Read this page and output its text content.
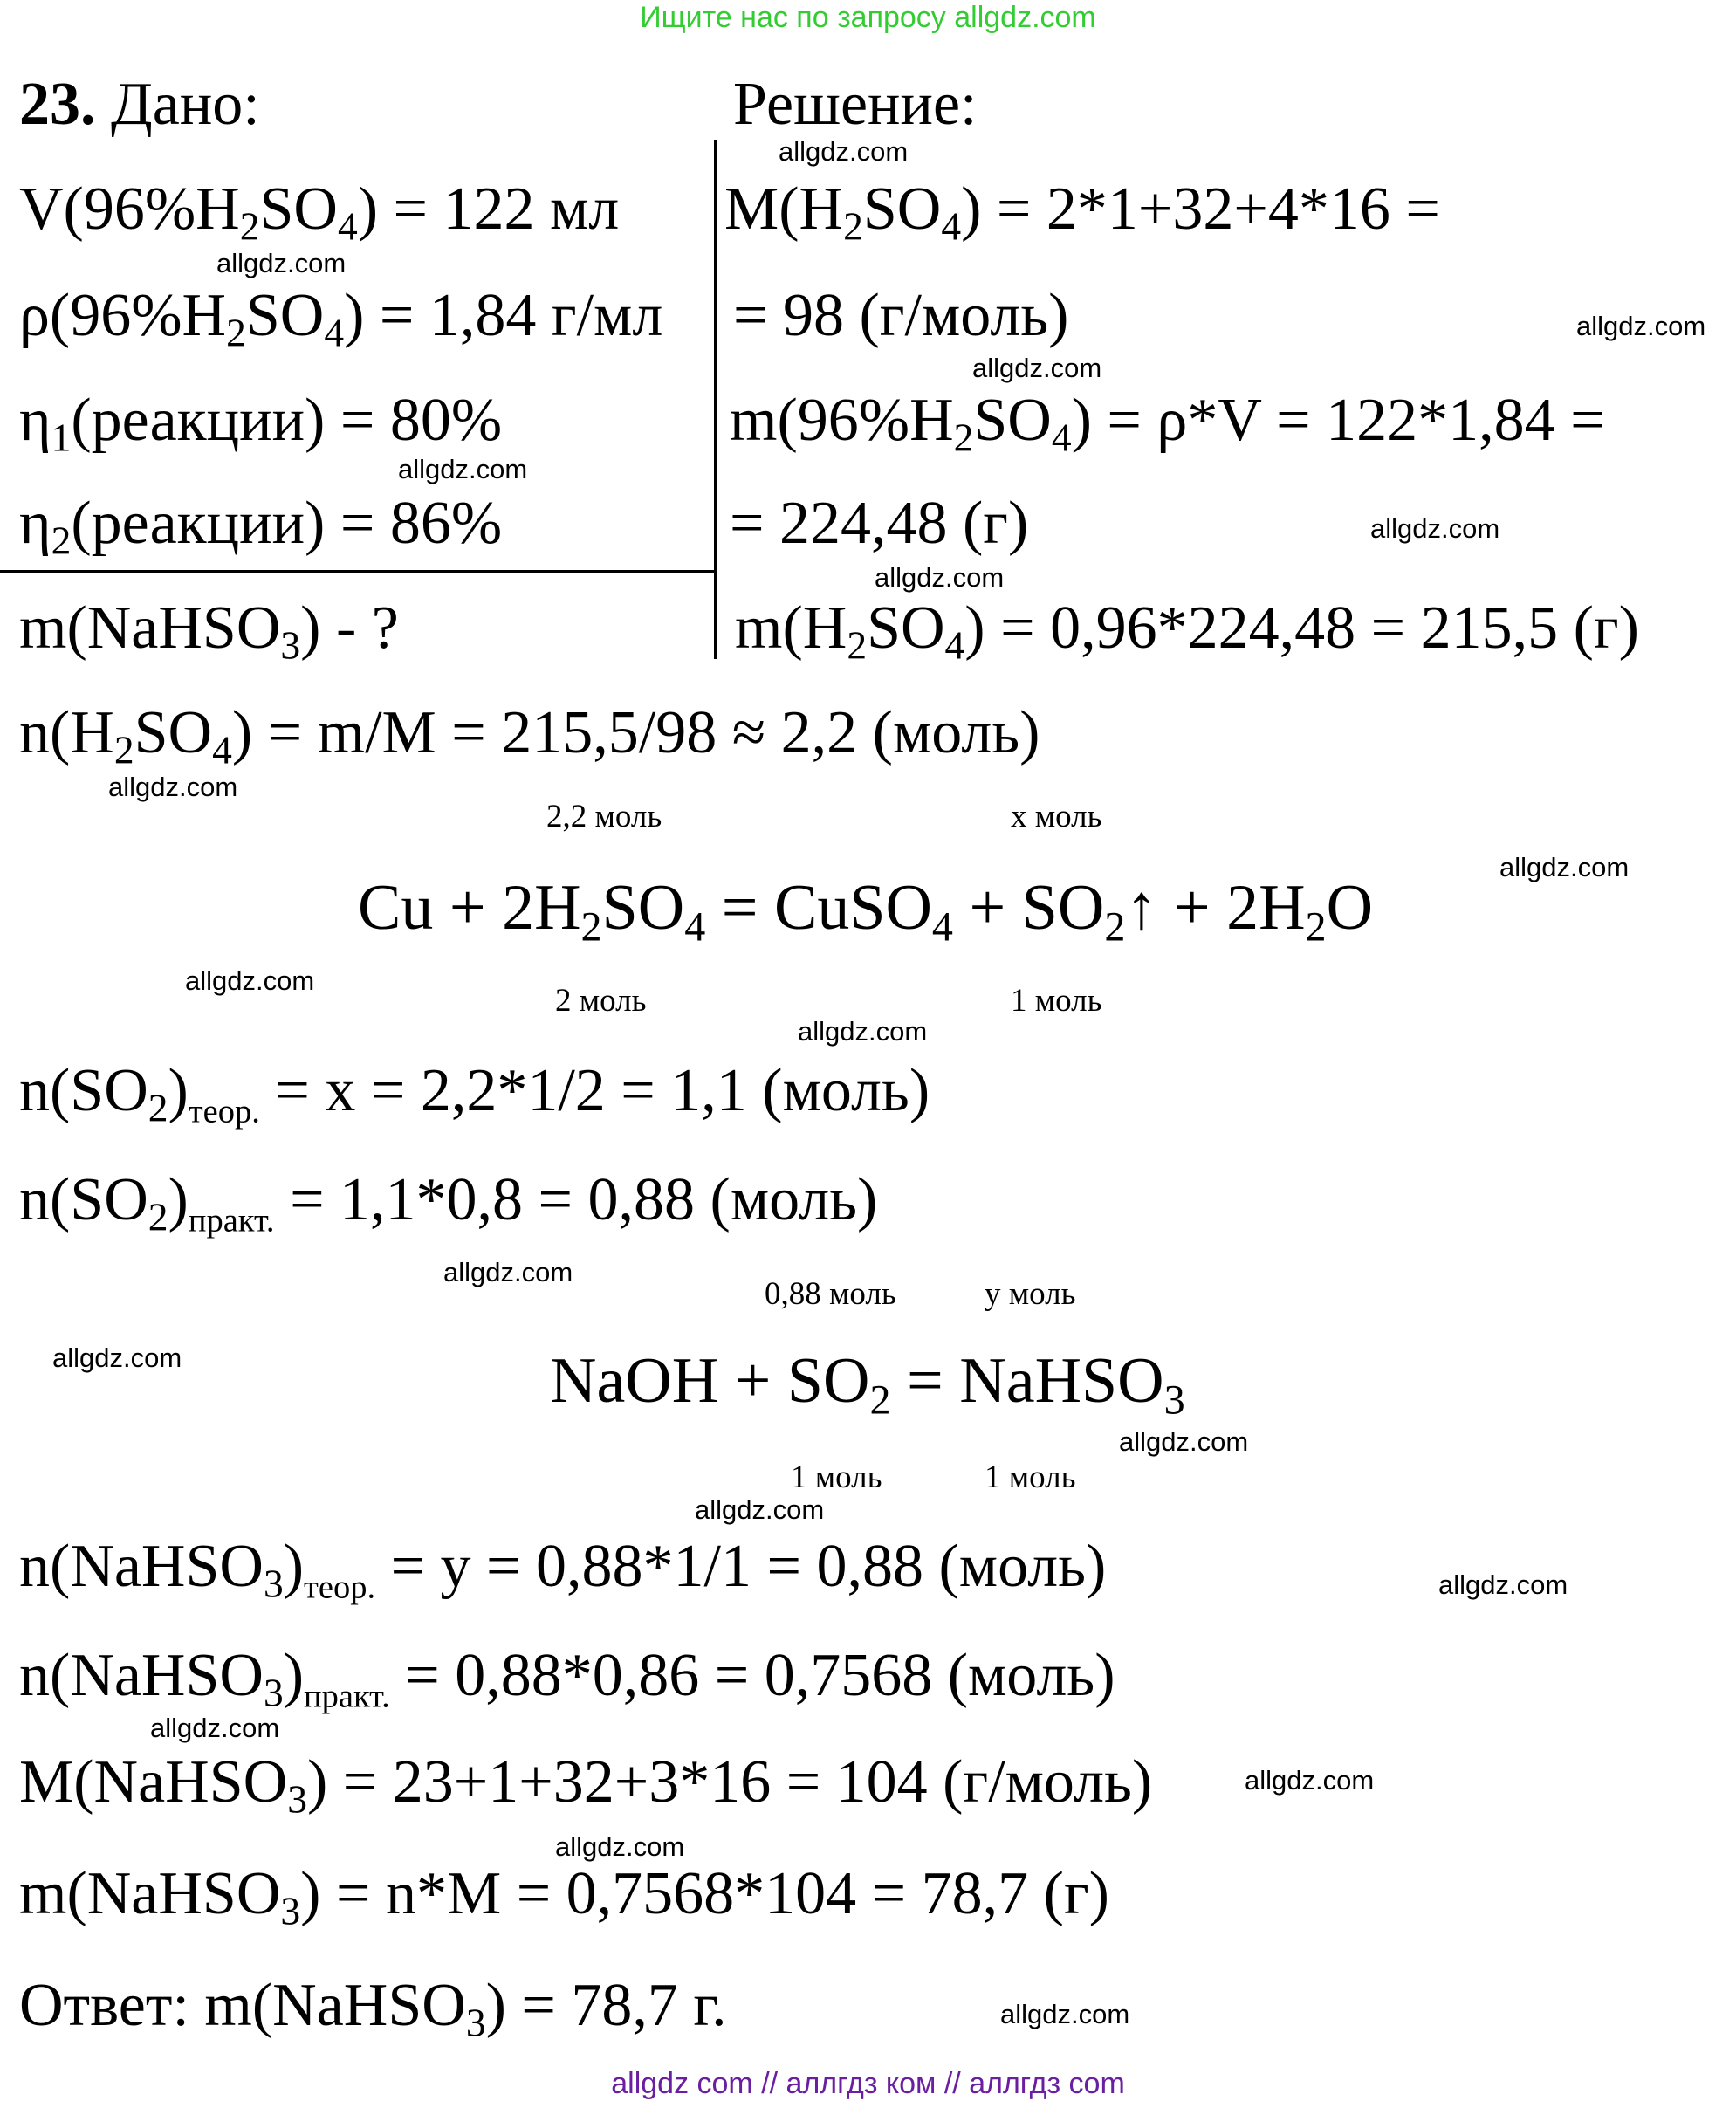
Ищите нас по запросу allgdz.com
allgdz com // аллгдз ком // аллгдз com
23. Дано:	Решение:
$V(96\%H_2SO_4) = 122$ мл
$\rho(96\%H_2SO_4) = 1,84$ г/мл
$\eta_1(реакции) = 80\%$
$\eta_2(реакции) = 86\%$
m(NaHSO$_3$) - ?
$M(H_2SO_4) = 2*1+32+4*16$ =
= 98 (г/моль)
$m(96\%H_2SO_4) = \rho*V = 122*1,84$ =
= 224,48 (г)
$m(H_2SO_4) = 0,96*224,48 = 215,5$ (г)
$n(H_2SO_4) = m/M = 215,5/98 \approx 2,2$ (моль)
2,2 моль	x моль
$Cu + 2H_2SO_4$ = CuSO$_4$ + $SO_2↑ + 2H_2O$
2 моль	1 моль
$n(SO_2)_{теор.} = x = 2,2*1/2 = 1,1$ (моль)
$n(SO_2)_{практ.} = 1,1*0,8 = 0,88$ (моль)
0,88 моль	y моль
NaOH + $SO_2$ = NaHSO$_3$
1 моль	1 моль
$n(NaHSO_3)_{теор.} = y = 0,88*1/1 = 0,88$ (моль)
$n(NaHSO_3)_{практ.} = 0,88*0,86 = 0,7568$ (моль)
M(NaHSO$_3$) = 23+1+32+3*16 = 104 (г/моль)
m(NaHSO$_3$) = n*M = 0,7568*104 = 78,7 (г)
Ответ: m(NaHSO$_3$) = 78,7 г.
allgdz.com
allgdz.com
allgdz.com
allgdz.com
allgdz.com
allgdz.com
allgdz.com
allgdz.com
allgdz.com
allgdz.com
allgdz.com
allgdz.com
allgdz.com
allgdz.com
allgdz.com
allgdz.com
allgdz.com
allgdz.com
allgdz.com
allgdz.com
